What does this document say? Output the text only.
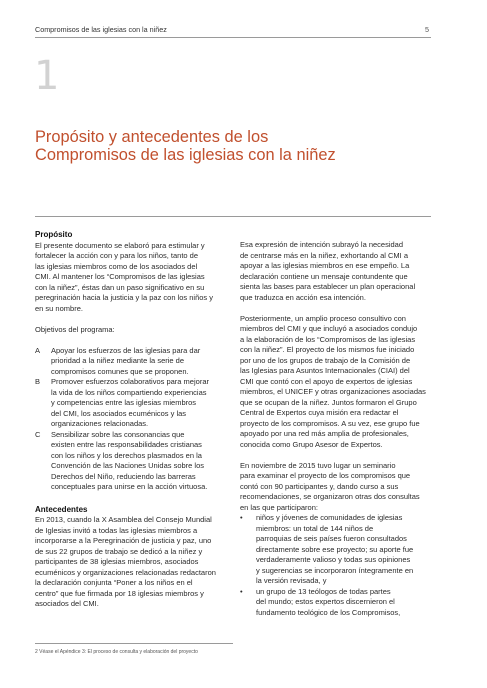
Compromisos de las iglesias con la niñez	5
1
Propósito y antecedentes de los
Compromisos de las iglesias con la niñez
Propósito
El presente documento se elaboró para estimular y
fortalecer la acción con y para los niños, tanto de
las iglesias miembros como de los asociados del
CMI. Al mantener los “Compromisos de las iglesias
con la niñez”, éstas dan un paso significativo en su
peregrinación hacia la justicia y la paz con los niños y
en su nombre.
Objetivos del programa:
A	Apoyar los esfuerzos de las iglesias para dar
prioridad a la niñez mediante la serie de
compromisos comunes que se proponen.
B	Promover esfuerzos colaborativos para mejorar
la vida de los niños compartiendo experiencias
y competencias entre las iglesias miembros
del CMI, los asociados ecuménicos y las
organizaciones relacionadas.
C	Sensibilizar sobre las consonancias que
existen entre las responsabilidades cristianas
con los niños y los derechos plasmados en la
Convención de las Naciones Unidas sobre los
Derechos del Niño, reduciendo las barreras
conceptuales para unirse en la acción virtuosa.
Antecedentes
En 2013, cuando la X Asamblea del Consejo Mundial
de Iglesias invitó a todas las iglesias miembros a
incorporarse a la Peregrinación de justicia y paz, uno
de sus 22 grupos de trabajo se dedicó a la niñez y
participantes de 38 iglesias miembros, asociados
ecuménicos y organizaciones relacionadas redactaron
la declaración conjunta “Poner a los niños en el
centro” que fue firmada por 18 iglesias miembros y
asociados del CMI.
Esa expresión de intención subrayó la necesidad
de centrarse más en la niñez, exhortando al CMI a
apoyar a las iglesias miembros en ese empeño. La
declaración contiene un mensaje contundente que
sienta las bases para establecer un plan operacional
que traduzca en acción esa intención.
Posteriormente, un amplio proceso consultivo con
miembros del CMI y que incluyó a asociados condujo
a la elaboración de los “Compromisos de las iglesias
con la niñez”. El proyecto de los mismos fue iniciado
por uno de los grupos de trabajo de la Comisión de
las Iglesias para Asuntos Internacionales (CIAI) del
CMI que contó con el apoyo de expertos de iglesias
miembros, el UNICEF y otras organizaciones asociadas
que se ocupan de la niñez. Juntos formaron el Grupo
Central de Expertos cuya misión era redactar el
proyecto de los compromisos. A su vez, ese grupo fue
apoyado por una red más amplia de profesionales,
conocida como Grupo Asesor de Expertos.
En noviembre de 2015 tuvo lugar un seminario
para examinar el proyecto de los compromisos que
contó con 90 participantes y, dando curso a sus
recomendaciones, se organizaron otras dos consultas
en las que participaron:
•	niños y jóvenes de comunidades de iglesias
miembros: un total de 144 niños de
parroquias de seis países fueron consultados
directamente sobre ese proyecto; su aporte fue
verdaderamente valioso y todas sus opiniones
y sugerencias se incorporaron íntegramente en
la versión revisada, y
•	un grupo de 13 teólogos de todas partes
del mundo; estos expertos discernieron el
fundamento teológico de los Compromisos,
2 Véase el Apéndice 3: El proceso de consulta y elaboración del proyecto
